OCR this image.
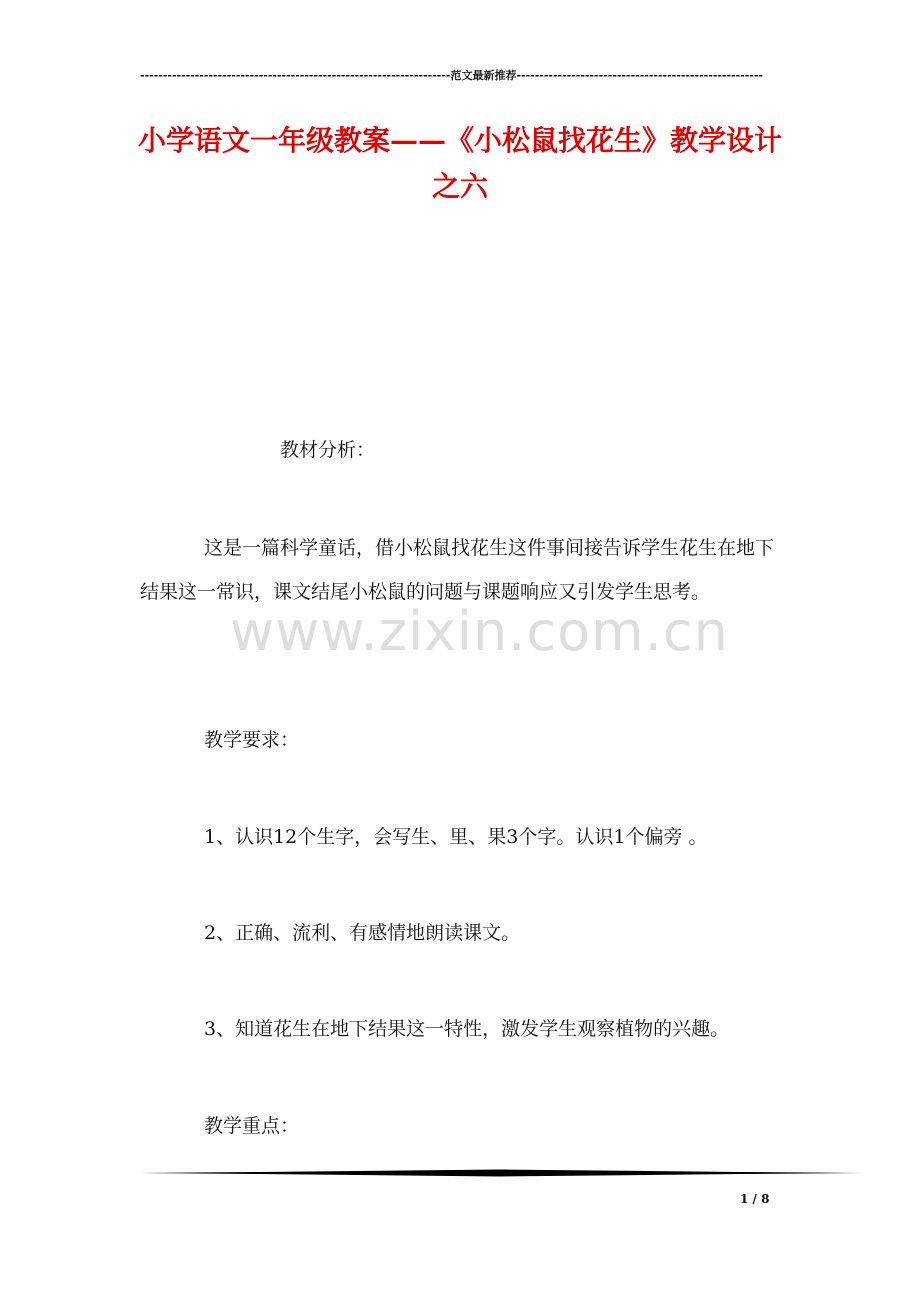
--------------------------------------------------------------------范文最新推荐------------------------------------------------------
小学语文一年级教案——《小松鼠找花生》教学设计
之六

教材分析：

这是一篇科学童话，借小松鼠找花生这件事间接告诉学生花生在地下结果这一常识，课文结尾小松鼠的问题与课题响应又引发学生思考。

教学要求：

1、认识12个生字，会写生、里、果3个字。认识1个偏旁 。

2、正确、流利、有感情地朗读课文。

3、知道花生在地下结果这一特性，激发学生观察植物的兴趣。

教学重点：

www.zixin.com.cn
1 / 8
